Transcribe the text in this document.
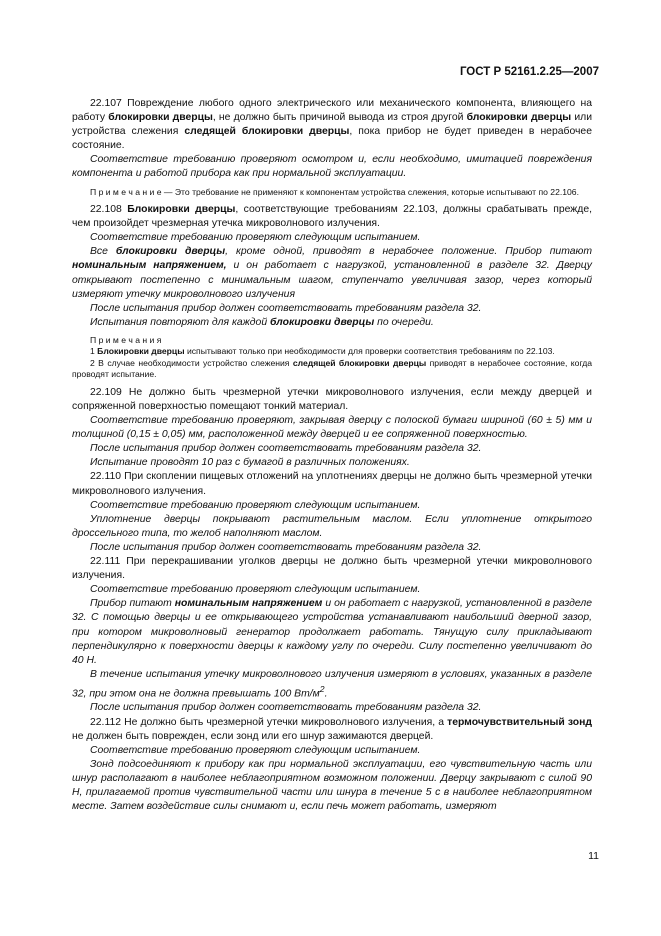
ГОСТ Р 52161.2.25—2007
22.107 Повреждение любого одного электрического или механического компонента, влияющего на работу блокировки дверцы, не должно быть причиной вывода из строя другой блокировки дверцы или устройства слежения следящей блокировки дверцы, пока прибор не будет приведен в нерабочее состояние.
Соответствие требованию проверяют осмотром и, если необходимо, имитацией повреждения компонента и работой прибора как при нормальной эксплуатации.
П р и м е ч а н и е — Это требование не применяют к компонентам устройства слежения, которые испытывают по 22.106.
22.108 Блокировки дверцы, соответствующие требованиям 22.103, должны срабатывать прежде, чем произойдет чрезмерная утечка микроволнового излучения.
Соответствие требованию проверяют следующим испытанием.
Все блокировки дверцы, кроме одной, приводят в нерабочее положение. Прибор питают номинальным напряжением, и он работает с нагрузкой, установленной в разделе 32. Дверцу открывают постепенно с минимальным шагом, ступенчато увеличивая зазор, через который измеряют утечку микроволнового излучения
После испытания прибор должен соответствовать требованиям раздела 32.
Испытания повторяют для каждой блокировки дверцы по очереди.
П р и м е ч а н и я
1 Блокировки дверцы испытывают только при необходимости для проверки соответствия требованиям по 22.103.
2 В случае необходимости устройство слежения следящей блокировки дверцы приводят в нерабочее состояние, когда проводят испытание.
22.109 Не должно быть чрезмерной утечки микроволнового излучения, если между дверцей и сопряженной поверхностью помещают тонкий материал.
Соответствие требованию проверяют, закрывая дверцу с полоской бумаги шириной (60 ± 5) мм и толщиной (0,15 ± 0,05) мм, расположенной между дверцей и ее сопряженной поверхностью.
После испытания прибор должен соответствовать требованиям раздела 32.
Испытание проводят 10 раз с бумагой в различных положениях.
22.110 При скоплении пищевых отложений на уплотнениях дверцы не должно быть чрезмерной утечки микроволнового излучения.
Соответствие требованию проверяют следующим испытанием.
Уплотнение дверцы покрывают растительным маслом. Если уплотнение открытого дроссельного типа, то желоб наполняют маслом.
После испытания прибор должен соответствовать требованиям раздела 32.
22.111 При перекрашивании уголков дверцы не должно быть чрезмерной утечки микроволнового излучения.
Соответствие требованию проверяют следующим испытанием.
Прибор питают номинальным напряжением и он работает с нагрузкой, установленной в разделе 32. С помощью дверцы и ее открывающего устройства устанавливают наибольший дверной зазор, при котором микроволновый генератор продолжает работать. Тянущую силу прикладывают перпендикулярно к поверхности дверцы к каждому углу по очереди. Силу постепенно увеличивают до 40 Н.
В течение испытания утечку микроволнового излучения измеряют в условиях, указанных в разделе 32, при этом она не должна превышать 100 $Вт/м^2$.
После испытания прибор должен соответствовать требованиям раздела 32.
22.112 Не должно быть чрезмерной утечки микроволнового излучения, а термочувствительный зонд не должен быть поврежден, если зонд или его шнур зажимаются дверцей.
Соответствие требованию проверяют следующим испытанием.
Зонд подсоединяют к прибору как при нормальной эксплуатации, его чувствительную часть или шнур располагают в наиболее неблагоприятном возможном положении. Дверцу закрывают с силой 90 Н, прилагаемой против чувствительной части или шнура в течение 5 с в наиболее неблагоприятном месте. Затем воздействие силы снимают и, если печь может работать, измеряют
11
